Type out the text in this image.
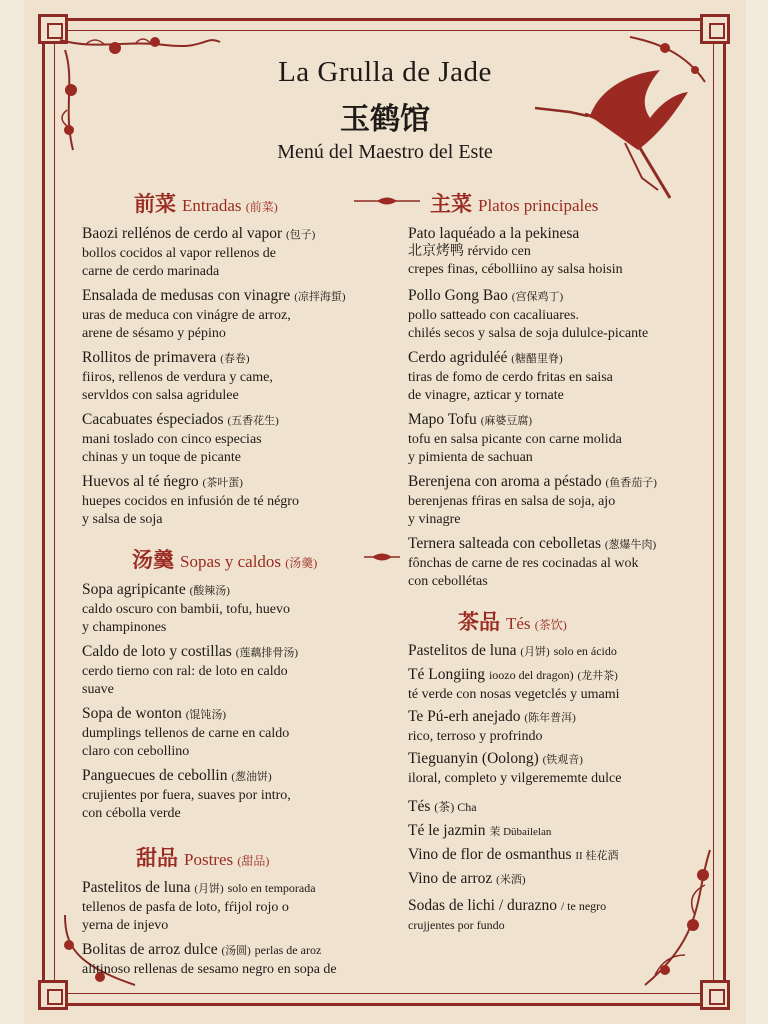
La Grulla de Jade
玉鹤馆
Menú del Maestro del Este
前菜 Entradas (前菜)
Baozi rellénos de cerdo al vapor (包子)
bollos cocidos al vapor rellenos de
carne de cerdo marinada
Ensalada de medusas con vinagre (凉拌海蜇)
uras de meduca con vinágre de arroz,
arene de sésamo y pépino
Rollitos de primavera (春卷)
fiiros, rellenos de verdura y came,
servldos con salsa agridulee
Cacabuates éspeciados (五香花生)
mani toslado con cinco especias
chinas y un toque de picante
Huevos al té ńegro (茶叶蛋)
huepes cocidos en infusión de té négro
y salsa de soja
汤羹 Sopas y caldos (汤羹)
Sopa agripicante (酸辣汤)
caldo oscuro con bambii, tofu, huevo
y champinones
Caldo de loto y costillas (莲藕排骨汤)
cerdo tierno con ral: de loto en caldo
suave
Sopa de wonton (馄饨汤)
dumplings tellenos de carne en caldo
claro con cebollino
Panguecues de cebollin (葱油饼)
crujientes por fuera, suaves por intro,
con cébolla verde
甜品 Postres (甜品)
Pastelitos de luna (月饼) solo en temporada
tellenos de pasfa de loto, fŕijol rojo o
yerna de injevo
Bolitas de arroz dulce (汤圆) perlas de aroz
alitinoso rellenas de sesamo negro en sopa de
主菜 Platos principales
Pato laquéado a la pekinesa
北京烤鸭 rérvido cen
crepes finas, cébolliino ay salsa hoisin
Pollo Gong Bao (宫保鸡丁)
pollo satteado con cacaliuares.
chilés secos y salsa de soja dululce-picante
Cerdo agriduléé (糖醋里脊)
tiras de fomo de cerdo fritas en saisa
de vinagre, azticar y tornate
Mapo Tofu (麻婆豆腐)
tofu en salsa picante con carne molida
y pimienta de sachuan
Berenjena con aroma a péstado (鱼香茄子)
berenjenas fŕiras en salsa de soja, ajo
y vinagre
Ternera salteada con cebolletas (葱爆牛肉)
fônchas de carne de res cocinadas al wok
con cebollétas
茶品 Tés (茶饮)
Pastelitos de luna (月饼) solo en ácido
Té Longiing ioozo del dragon) (龙井茶)
té verde con nosas vegetclés y umami
Te Pú-erh anejado (陈年普洱)
rico, terroso y profrindo
Tieguanyin (Oolong) (铁观音)
iloral, completo y vilgerememte dulce
Tés (茶) Cha
Té le jazmin 茉 Dübailelan
Vino de flor de osmanthus II 桂花酒
Vino de arroz (米酒)
Sodas de lichi / durazno / te negro
crujjentes por fundo
